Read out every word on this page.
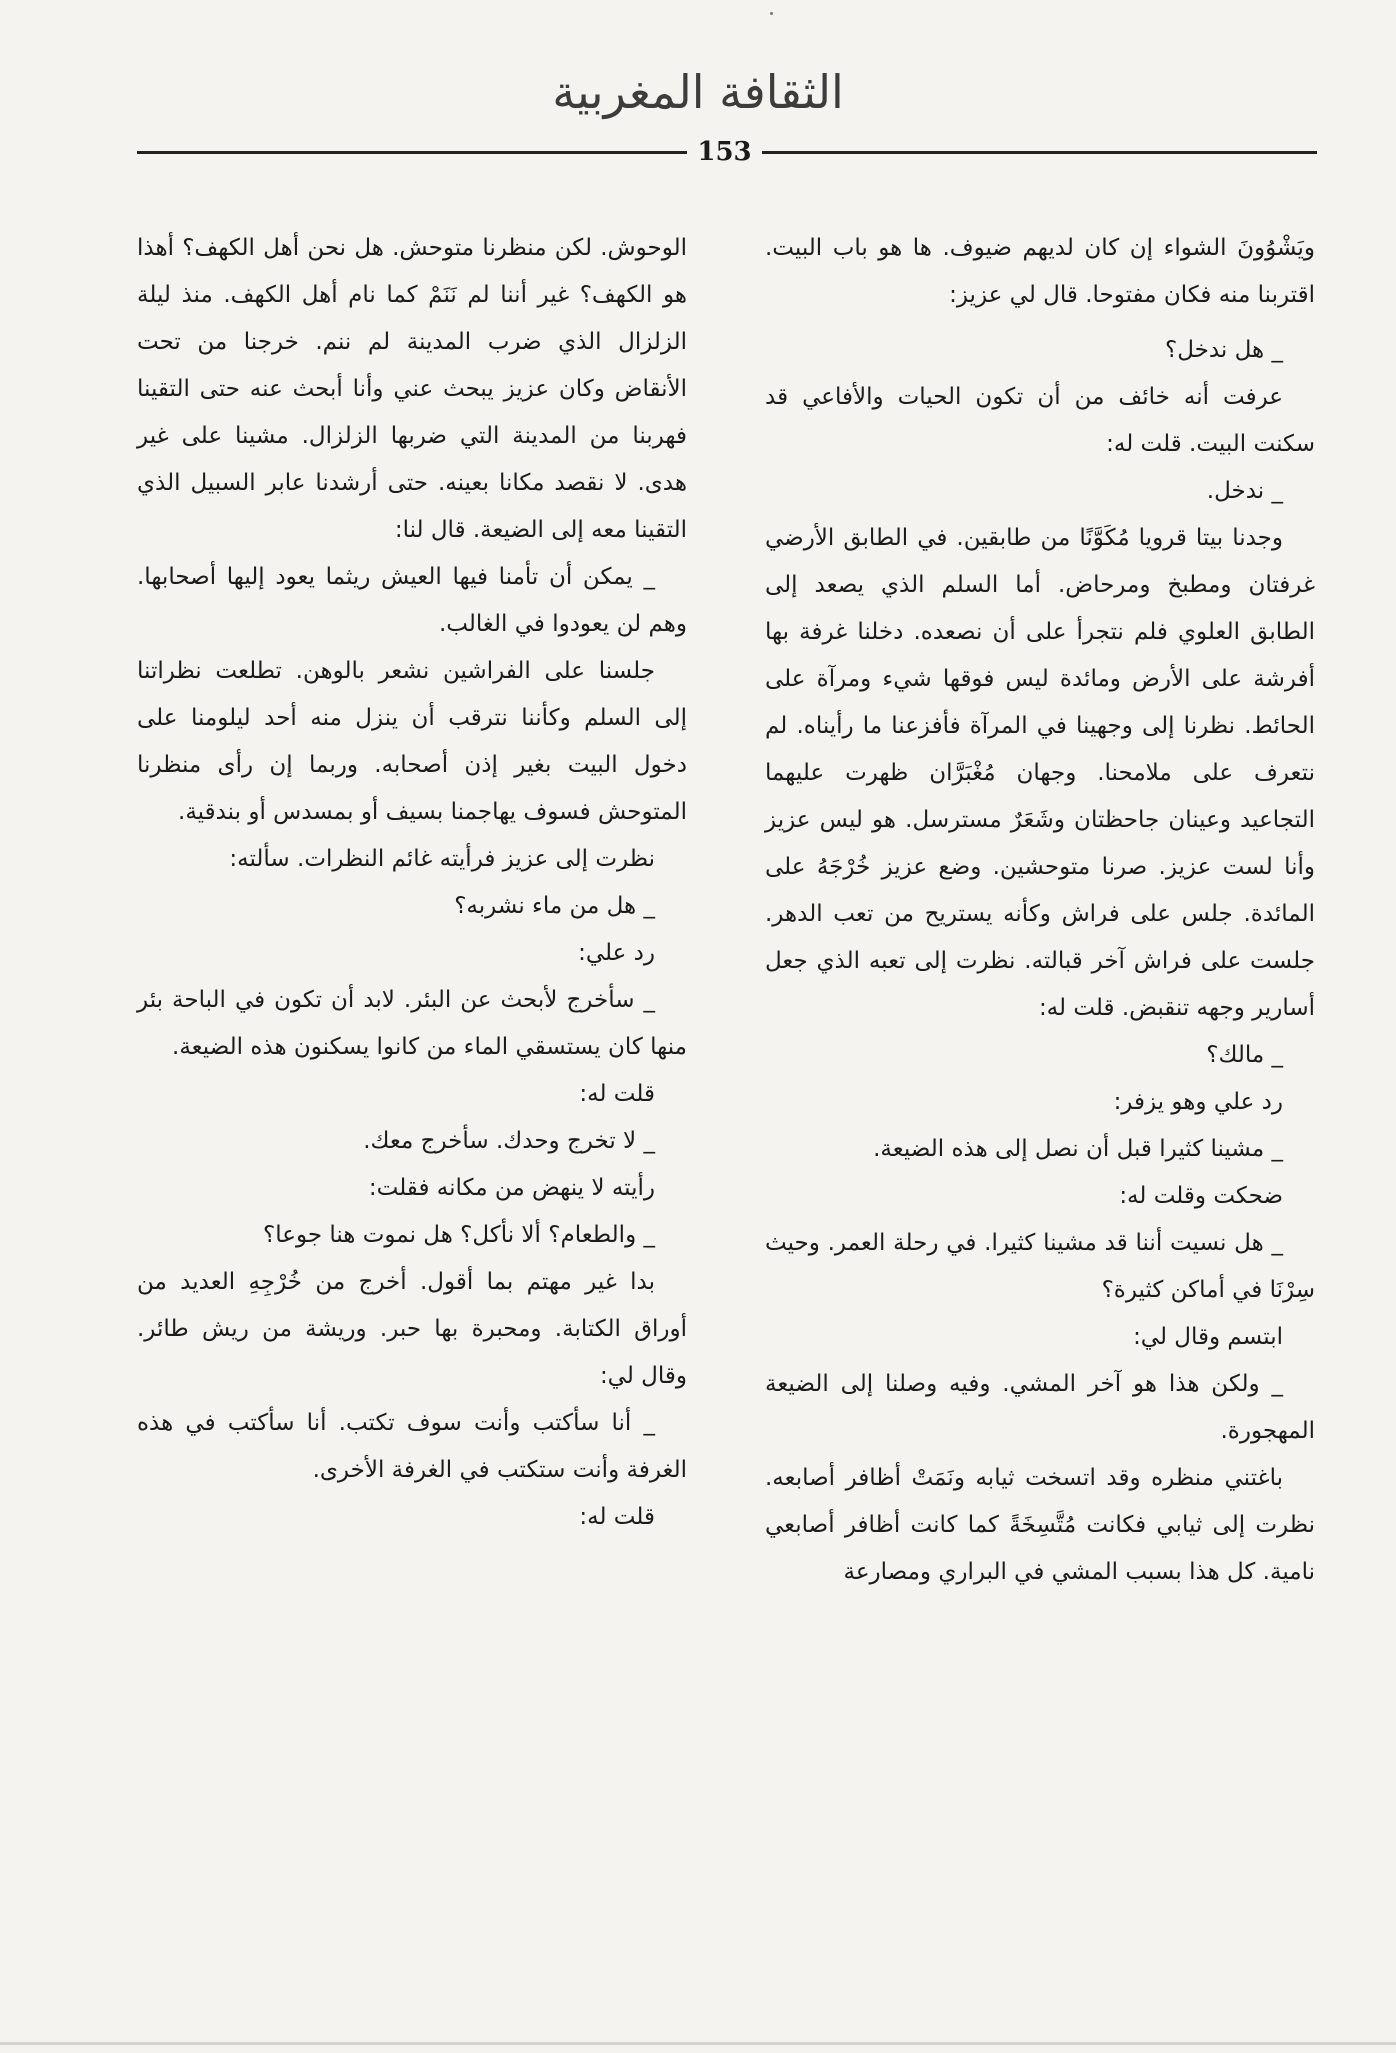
الثقافة المغربية
153

ويَشْوُونَ الشواء إن كان لديهم ضيوف. ها هو باب البيت. اقتربنا منه فكان مفتوحا. قال لي عزيز:

_ هل ندخل؟

عرفت أنه خائف من أن تكون الحيات والأفاعي قد سكنت البيت. قلت له:

_ ندخل.

وجدنا بيتا قرويا مُكَوَّنًا من طابقين. في الطابق الأرضي غرفتان ومطبخ ومرحاض. أما السلم الذي يصعد إلى الطابق العلوي فلم نتجرأ على أن نصعده. دخلنا غرفة بها أفرشة على الأرض ومائدة ليس فوقها شيء ومرآة على الحائط. نظرنا إلى وجهينا في المرآة فأفزعنا ما رأيناه. لم نتعرف على ملامحنا. وجهان مُغْبَرَّان ظهرت عليهما التجاعيد وعينان جاحظتان وشَعَرٌ مسترسل. هو ليس عزيز وأنا لست عزيز. صرنا متوحشين. وضع عزيز خُرْجَهُ على المائدة. جلس على فراش وكأنه يستريح من تعب الدهر. جلست على فراش آخر قبالته. نظرت إلى تعبه الذي جعل أسارير وجهه تنقبض. قلت له:

_ مالك؟

رد علي وهو يزفر:

_ مشينا كثيرا قبل أن نصل إلى هذه الضيعة.

ضحكت وقلت له:

_ هل نسيت أننا قد مشينا كثيرا. في رحلة العمر. وحيث سِرْنَا في أماكن كثيرة؟

ابتسم وقال لي:

_ ولكن هذا هو آخر المشي. وفيه وصلنا إلى الضيعة المهجورة.

باغتني منظره وقد اتسخت ثيابه ونَمَتْ أظافر أصابعه. نظرت إلى ثيابي فكانت مُتَّسِخَةً كما كانت أظافر أصابعي نامية. كل هذا بسبب المشي في البراري ومصارعة

الوحوش. لكن منظرنا متوحش. هل نحن أهل الكهف؟ أهذا هو الكهف؟ غير أننا لم نَنَمْ كما نام أهل الكهف. منذ ليلة الزلزال الذي ضرب المدينة لم ننم. خرجنا من تحت الأنقاض وكان عزيز يبحث عني وأنا أبحث عنه حتى التقينا فهربنا من المدينة التي ضربها الزلزال. مشينا على غير هدى. لا نقصد مكانا بعينه. حتى أرشدنا عابر السبيل الذي التقينا معه إلى الضيعة. قال لنا:

_ يمكن أن تأمنا فيها العيش ريثما يعود إليها أصحابها. وهم لن يعودوا في الغالب.

جلسنا على الفراشين نشعر بالوهن. تطلعت نظراتنا إلى السلم وكأننا نترقب أن ينزل منه أحد ليلومنا على دخول البيت بغير إذن أصحابه. وربما إن رأى منظرنا المتوحش فسوف يهاجمنا بسيف أو بمسدس أو بندقية.

نظرت إلى عزيز فرأيته غائم النظرات. سألته:

_ هل من ماء نشربه؟

رد علي:

_ سأخرج لأبحث عن البئر. لابد أن تكون في الباحة بئر منها كان يستسقي الماء من كانوا يسكنون هذه الضيعة.

قلت له:

_ لا تخرج وحدك. سأخرج معك.

رأيته لا ينهض من مكانه فقلت:

_ والطعام؟ ألا نأكل؟ هل نموت هنا جوعا؟

بدا غير مهتم بما أقول. أخرج من خُرْجِهِ العديد من أوراق الكتابة. ومحبرة بها حبر. وريشة من ريش طائر. وقال لي:

_ أنا سأكتب وأنت سوف تكتب. أنا سأكتب في هذه الغرفة وأنت ستكتب في الغرفة الأخرى.

قلت له:
